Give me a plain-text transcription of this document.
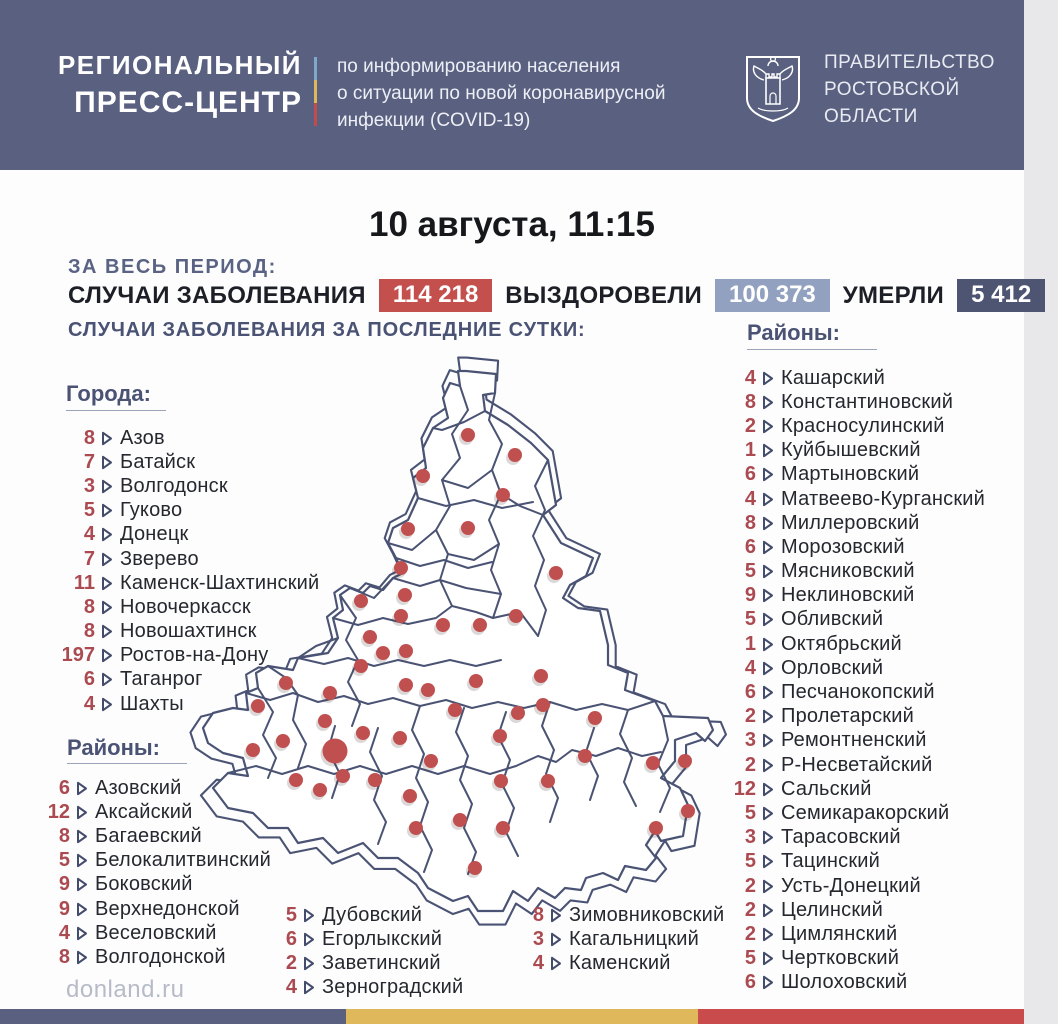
РЕГИОНАЛЬНЫЙ
ПРЕСС-ЦЕНТР
по информированию населения
о ситуации по новой коронавирусной
инфекции (COVID-19)
ПРАВИТЕЛЬСТВО
РОСТОВСКОЙ
ОБЛАСТИ
10 августа, 11:15
ЗА ВЕСЬ ПЕРИОД:
СЛУЧАИ ЗАБОЛЕВАНИЯ	114 218	ВЫЗДОРОВЕЛИ	100 373	УМЕРЛИ	5 412
СЛУЧАИ ЗАБОЛЕВАНИЯ ЗА ПОСЛЕДНИЕ СУТКИ:
Города:
8 Азов
7 Батайск
3 Волгодонск
5 Гуково
4 Донецк
7 Зверево
11 Каменск-Шахтинский
8 Новочеркасск
8 Новошахтинск
197 Ростов-на-Дону
6 Таганрог
4 Шахты
Районы:
6 Азовский
12 Аксайский
8 Багаевский
5 Белокалитвинский
9 Боковский
9 Верхнедонской
4 Веселовский
8 Волгодонской
Районы:
4 Кашарский
8 Константиновский
2 Красносулинский
1 Куйбышевский
6 Мартыновский
4 Матвеево-Курганский
8 Миллеровский
6 Морозовский
5 Мясниковский
9 Неклиновский
5 Обливский
1 Октябрьский
4 Орловский
6 Песчанокопский
2 Пролетарский
3 Ремонтненский
2 Р-Несветайский
12 Сальский
5 Семикаракорский
3 Тарасовский
5 Тацинский
2 Усть-Донецкий
2 Целинский
2 Цимлянский
5 Чертковский
6 Шолоховский
5 Дубовский
6 Егорлыкский
2 Заветинский
4 Зерноградский
8 Зимовниковский
3 Кагальницкий
4 Каменский
donland.ru
